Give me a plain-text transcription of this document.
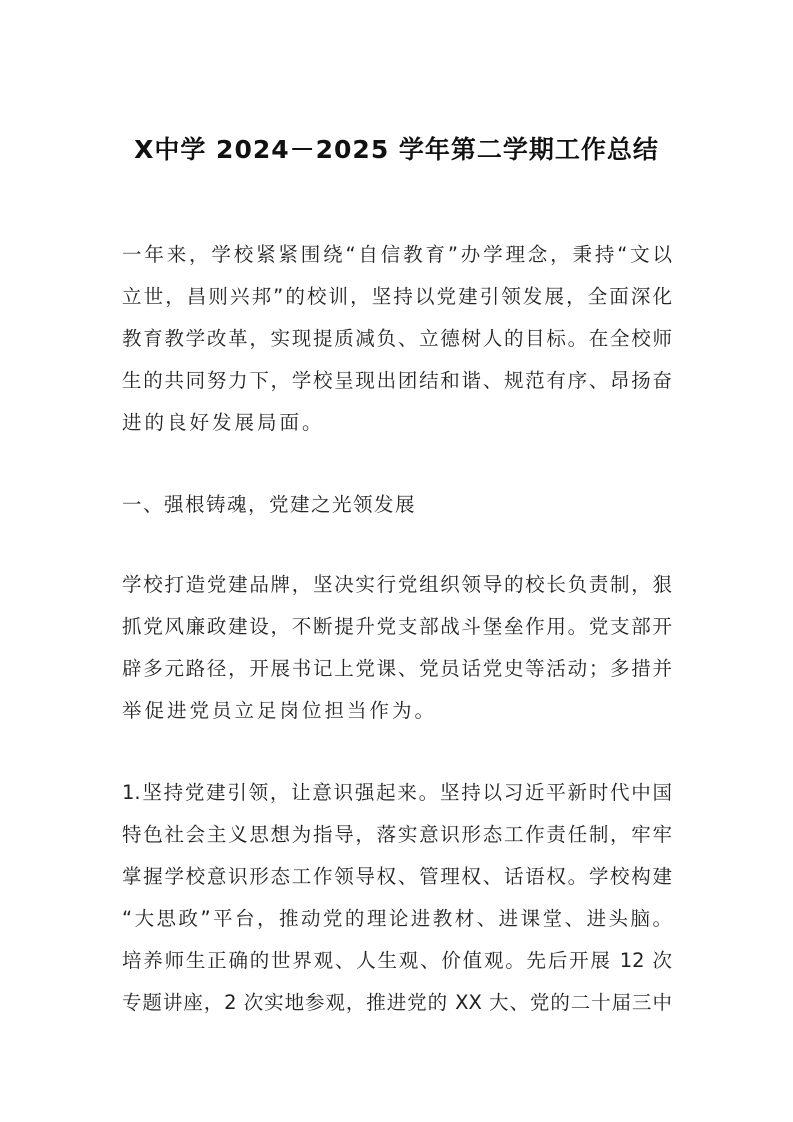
X中学 2024－2025 学年第二学期工作总结
一年来，学校紧紧围绕“自信教育”办学理念，秉持“文以
立世，昌则兴邦”的校训，坚持以党建引领发展，全面深化
教育教学改革，实现提质减负、立德树人的目标。在全校师
生的共同努力下，学校呈现出团结和谐、规范有序、昂扬奋
进的良好发展局面。
一、强根铸魂，党建之光领发展
学校打造党建品牌，坚决实行党组织领导的校长负责制，狠
抓党风廉政建设，不断提升党支部战斗堡垒作用。党支部开
辟多元路径，开展书记上党课、党员话党史等活动；多措并
举促进党员立足岗位担当作为。
1.坚持党建引领，让意识强起来。坚持以习近平新时代中国
特色社会主义思想为指导，落实意识形态工作责任制，牢牢
掌握学校意识形态工作领导权、管理权、话语权。学校构建
“大思政”平台，推动党的理论进教材、进课堂、进头脑。
培养师生正确的世界观、人生观、价值观。先后开展 12 次
专题讲座，2 次实地参观，推进党的 XX 大、党的二十届三中
